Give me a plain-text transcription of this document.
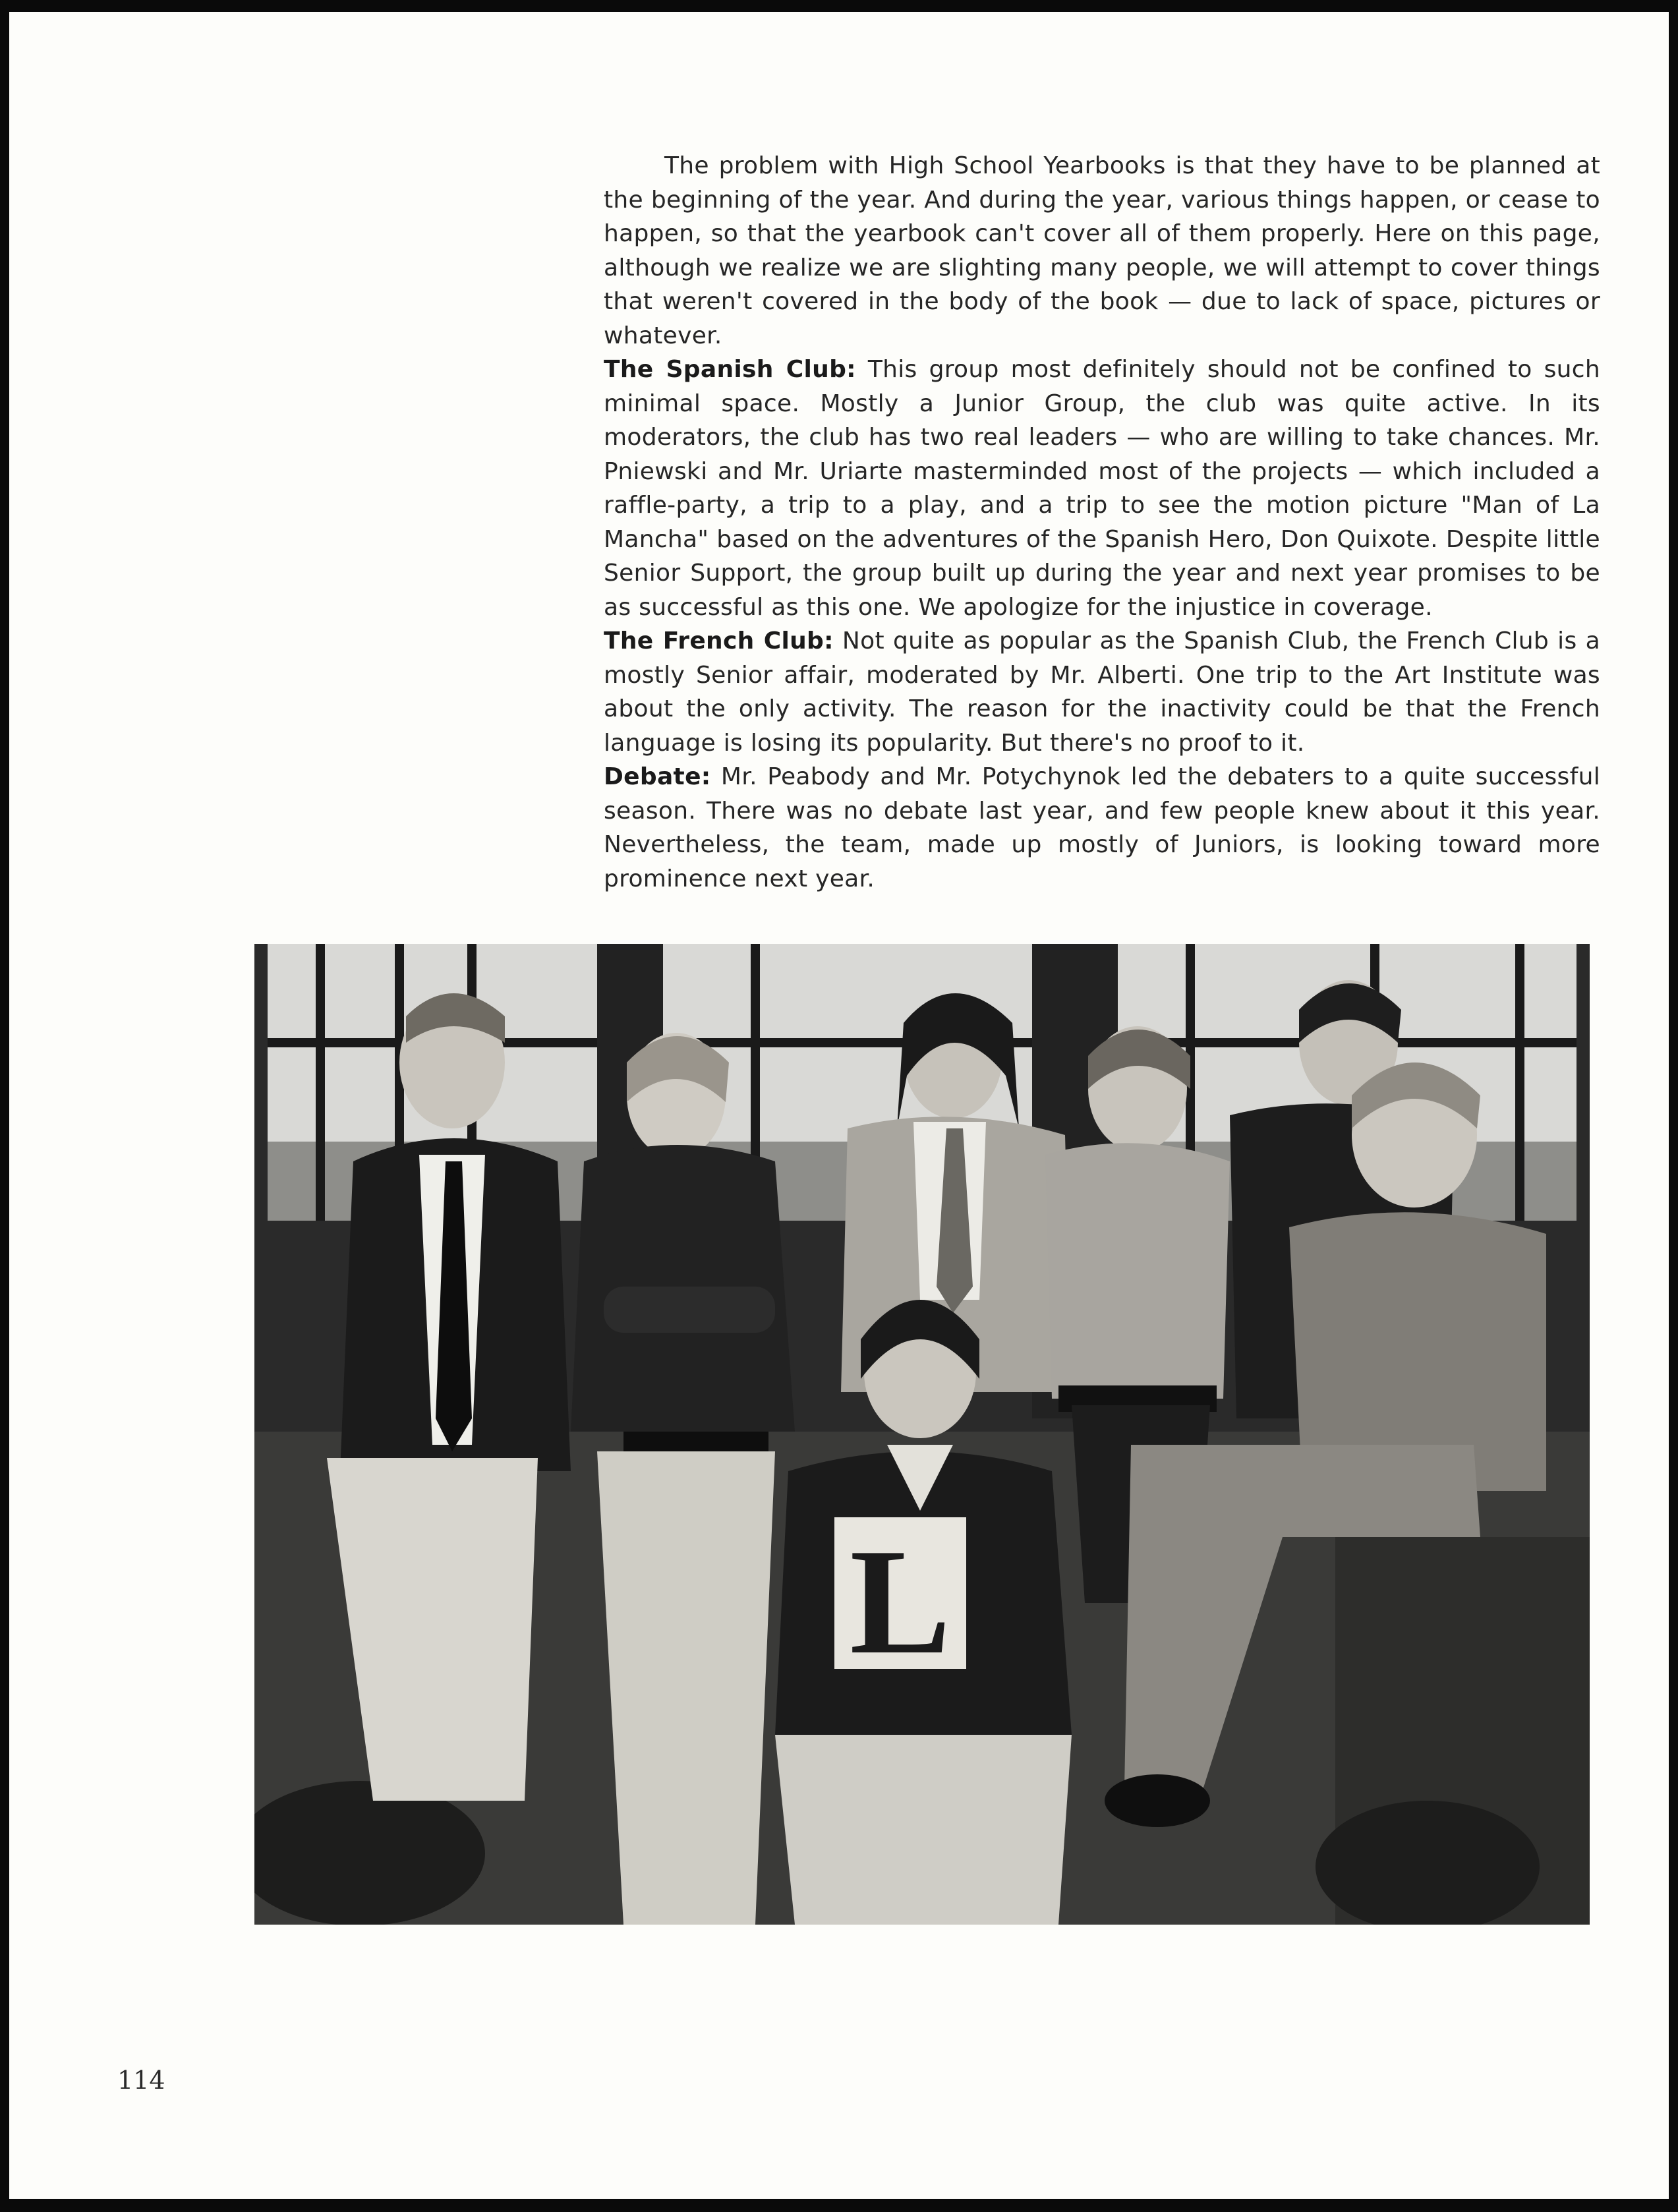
The problem with High School Yearbooks is that they have to be planned at the beginning of the year. And during the year, various things happen, or cease to happen, so that the yearbook can't cover all of them properly. Here on this page, although we realize we are slighting many people, we will attempt to cover things that weren't covered in the body of the book — due to lack of space, pictures or whatever.

The Spanish Club: This group most definitely should not be confined to such minimal space. Mostly a Junior Group, the club was quite active. In its moderators, the club has two real leaders — who are willing to take chances. Mr. Pniewski and Mr. Uriarte masterminded most of the projects — which included a raffle-party, a trip to a play, and a trip to see the motion picture "Man of La Mancha" based on the adventures of the Spanish Hero, Don Quixote. Despite little Senior Support, the group built up during the year and next year promises to be as successful as this one. We apologize for the injustice in coverage.

The French Club: Not quite as popular as the Spanish Club, the French Club is a mostly Senior affair, moderated by Mr. Alberti. One trip to the Art Institute was about the only activity. The reason for the inactivity could be that the French language is losing its popularity. But there's no proof to it.

Debate: Mr. Peabody and Mr. Potychynok led the debaters to a quite successful season. There was no debate last year, and few people knew about it this year. Nevertheless, the team, made up mostly of Juniors, is looking toward more prominence next year.

L
114
